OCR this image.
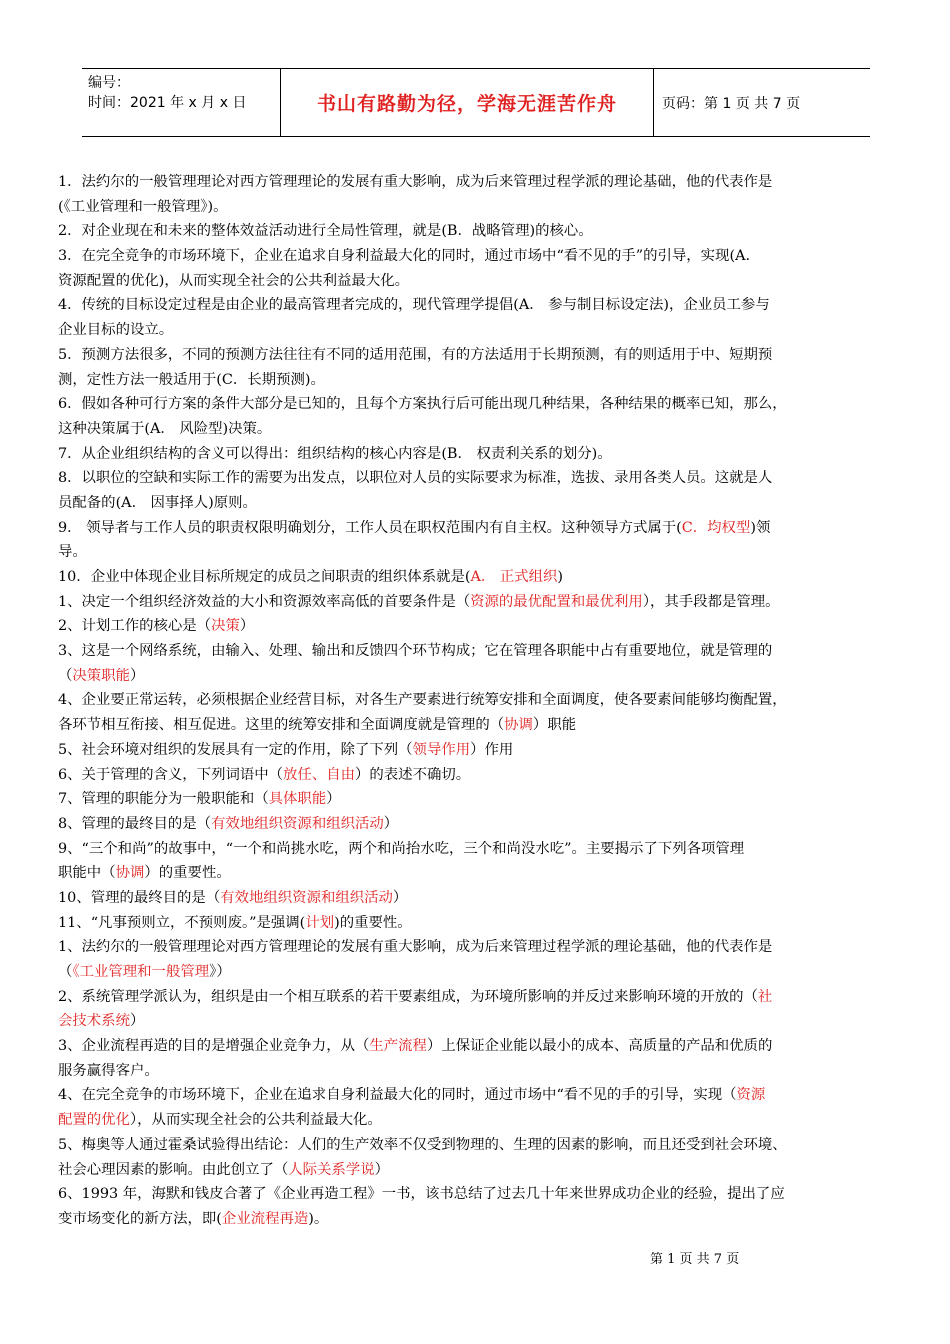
编号：
时间：2021 年 x 月 x 日	书山有路勤为径，学海无涯苦作舟	页码：第 1 页 共 7 页
1．法约尔的一般管理理论对西方管理理论的发展有重大影响，成为后来管理过程学派的理论基础，他的代表作是
(《工业管理和一般管理》)。
2．对企业现在和未来的整体效益活动进行全局性管理，就是(B．战略管理)的核心。
3．在完全竞争的市场环境下，企业在追求自身利益最大化的同时，通过市场中“看不见的手”的引导，实现(A.
资源配置的优化)，从而实现全社会的公共利益最大化。
4．传统的目标设定过程是由企业的最高管理者完成的，现代管理学提倡(A． 参与制目标设定法)，企业员工参与
企业目标的设立。
5．预测方法很多，不同的预测方法往往有不同的适用范围，有的方法适用于长期预测，有的则适用于中、短期预
测，定性方法一般适用于(C．长期预测)。
6．假如各种可行方案的条件大部分是已知的，且每个方案执行后可能出现几种结果，各种结果的概率已知，那么，
这种决策属于(A． 风险型)决策。
7．从企业组织结构的含义可以得出：组织结构的核心内容是(B． 权责利关系的划分)。
8．以职位的空缺和实际工作的需要为出发点，以职位对人员的实际要求为标准，选拔、录用各类人员。这就是人
员配备的(A． 因事择人)原则。
9． 领导者与工作人员的职责权限明确划分，工作人员在职权范围内有自主权。这种领导方式属于(C．均权型)领
导。
10．企业中体现企业目标所规定的成员之间职责的组织体系就是(A． 正式组织)
1、决定一个组织经济效益的大小和资源效率高低的首要条件是（资源的最优配置和最优利用），其手段都是管理。
2、计划工作的核心是（决策）
3、这是一个网络系统，由输入、处理、输出和反馈四个环节构成；它在管理各职能中占有重要地位，就是管理的
（决策职能）
4、企业要正常运转，必须根据企业经营目标，对各生产要素进行统筹安排和全面调度，使各要素间能够均衡配置，
各环节相互衔接、相互促进。这里的统筹安排和全面调度就是管理的（协调）职能
5、社会环境对组织的发展具有一定的作用，除了下列（领导作用）作用
6、关于管理的含义，下列词语中（放任、自由）的表述不确切。
7、管理的职能分为一般职能和（具体职能）
8、管理的最终目的是（有效地组织资源和组织活动）
9、“三个和尚”的故事中，“一个和尚挑水吃，两个和尚抬水吃，三个和尚没水吃”。主要揭示了下列各项管理
职能中（协调）的重要性。
10、管理的最终目的是（有效地组织资源和组织活动）
11、“凡事预则立，不预则废。”是强调(计划)的重要性。
1、法约尔的一般管理理论对西方管理理论的发展有重大影响，成为后来管理过程学派的理论基础，他的代表作是
（《工业管理和一般管理》）
2、系统管理学派认为，组织是由一个相互联系的若干要素组成，为环境所影响的并反过来影响环境的开放的（社
会技术系统）
3、企业流程再造的目的是增强企业竞争力，从（生产流程）上保证企业能以最小的成本、高质量的产品和优质的
服务赢得客户。
4、在完全竞争的市场环境下，企业在追求自身利益最大化的同时，通过市场中“看不见的手的引导，实现（资源
配置的优化），从而实现全社会的公共利益最大化。
5、梅奥等人通过霍桑试验得出结论：人们的生产效率不仅受到物理的、生理的因素的影响，而且还受到社会环境、
社会心理因素的影响。由此创立了（人际关系学说）
6、1993 年，海默和钱皮合著了《企业再造工程》一书，该书总结了过去几十年来世界成功企业的经验，提出了应
变市场变化的新方法，即(企业流程再造)。
第 1 页 共 7 页
